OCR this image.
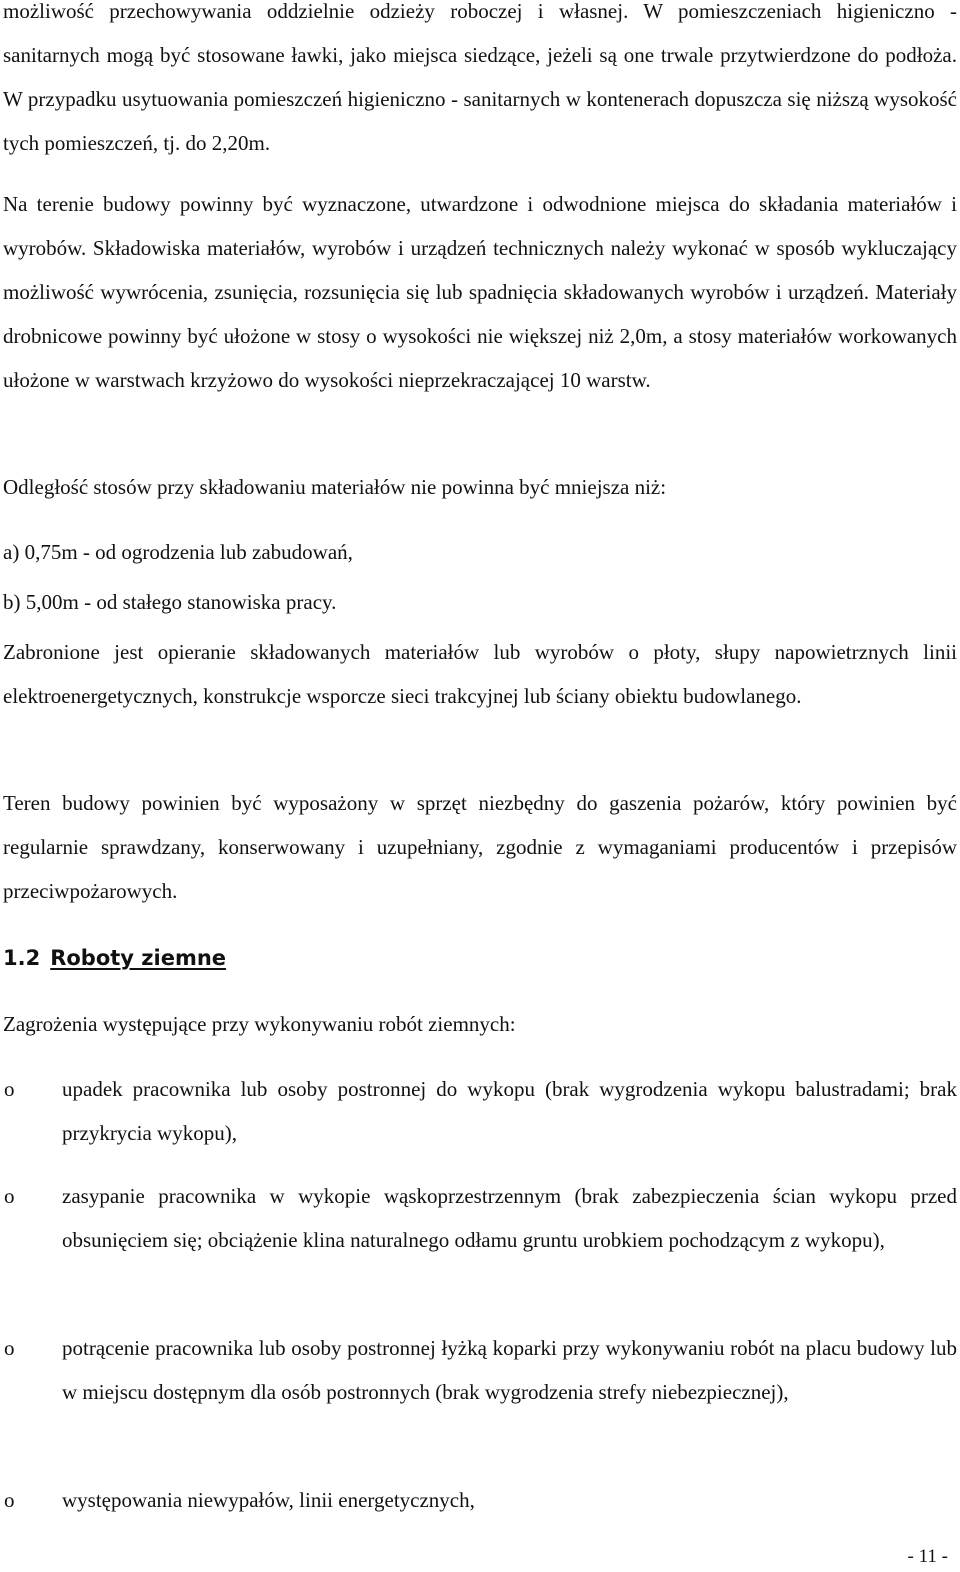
możliwość przechowywania oddzielnie odzieży roboczej i własnej. W pomieszczeniach higieniczno - sanitarnych mogą być stosowane ławki, jako miejsca siedzące, jeżeli są one trwale przytwierdzone do podłoża. W przypadku usytuowania pomieszczeń higieniczno - sanitarnych w kontenerach dopuszcza się niższą wysokość tych pomieszczeń, tj. do 2,20m.

Na terenie budowy powinny być wyznaczone, utwardzone i odwodnione miejsca do składania materiałów i wyrobów. Składowiska materiałów, wyrobów i urządzeń technicznych należy wykonać w sposób wykluczający możliwość wywrócenia, zsunięcia, rozsunięcia się lub spadnięcia składowanych wyrobów i urządzeń. Materiały drobnicowe powinny być ułożone w stosy o wysokości nie większej niż 2,0m, a stosy materiałów workowanych ułożone w warstwach krzyżowo do wysokości nieprzekraczającej 10 warstw.

Odległość stosów przy składowaniu materiałów nie powinna być mniejsza niż:

a) 0,75m - od ogrodzenia lub zabudowań,

b) 5,00m - od stałego stanowiska pracy.

Zabronione jest opieranie składowanych materiałów lub wyrobów o płoty, słupy napowietrznych linii elektroenergetycznych, konstrukcje wsporcze sieci trakcyjnej lub ściany obiektu budowlanego.

Teren budowy powinien być wyposażony w sprzęt niezbędny do gaszenia pożarów, który powinien być regularnie sprawdzany, konserwowany i uzupełniany, zgodnie z wymaganiami producentów i przepisów przeciwpożarowych.

1.2 Roboty ziemne

Zagrożenia występujące przy wykonywaniu robót ziemnych:

o upadek pracownika lub osoby postronnej do wykopu (brak wygrodzenia wykopu balustradami; brak przykrycia wykopu),

o zasypanie pracownika w wykopie wąskoprzestrzennym (brak zabezpieczenia ścian wykopu przed obsunięciem się; obciążenie klina naturalnego odłamu gruntu urobkiem pochodzącym z wykopu),

o potrącenie pracownika lub osoby postronnej łyżką koparki przy wykonywaniu robót na placu budowy lub w miejscu dostępnym dla osób postronnych (brak wygrodzenia strefy niebezpiecznej),

o występowania niewypałów, linii energetycznych,

- 11 -
